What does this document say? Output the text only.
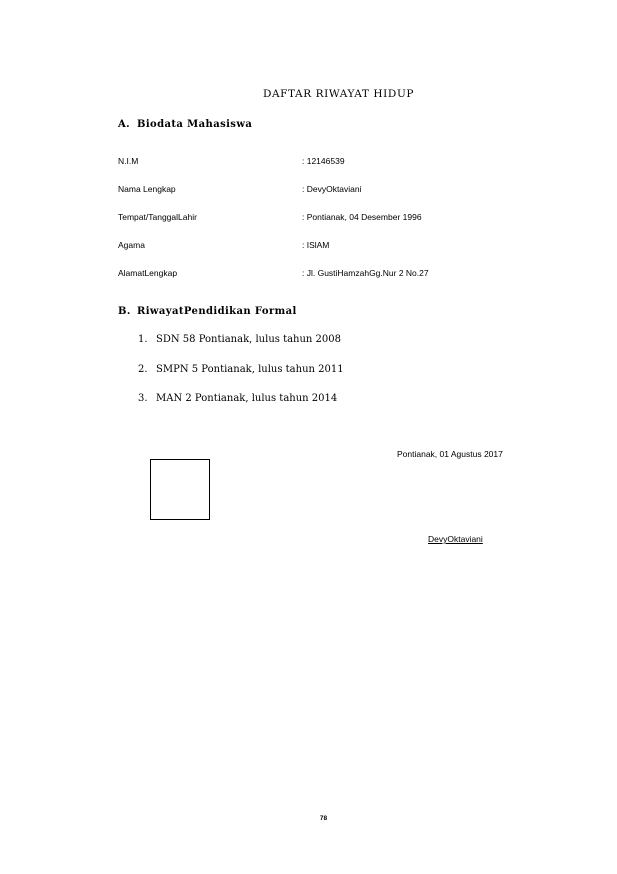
DAFTAR RIWAYAT HIDUP
A. Biodata Mahasiswa
N.I.M	: 12146539
Nama Lengkap	: DevyOktaviani
Tempat/TanggalLahir	: Pontianak, 04 Desember 1996
Agama	: ISlAM
AlamatLengkap	: Jl. GustiHamzahGg.Nur 2 No.27
B. RiwayatPendidikan Formal
1. SDN 58 Pontianak, lulus tahun 2008
2. SMPN 5 Pontianak, lulus tahun 2011
3. MAN 2 Pontianak, lulus tahun 2014
Pontianak, 01 Agustus 2017
DevyOktaviani
78
